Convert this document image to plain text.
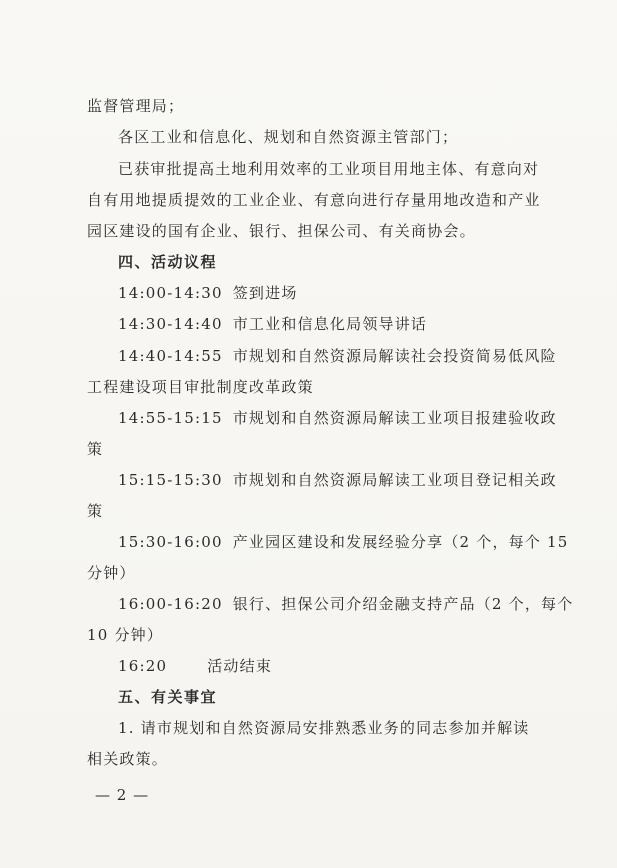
监督管理局；
各区工业和信息化、规划和自然资源主管部门；
已获审批提高土地利用效率的工业项目用地主体、有意向对
自有用地提质提效的工业企业、有意向进行存量用地改造和产业
园区建设的国有企业、银行、担保公司、有关商协会。
四、活动议程
14:00-14:30 签到进场
14:30-14:40 市工业和信息化局领导讲话
14:40-14:55 市规划和自然资源局解读社会投资简易低风险
工程建设项目审批制度改革政策
14:55-15:15 市规划和自然资源局解读工业项目报建验收政
策
15:15-15:30 市规划和自然资源局解读工业项目登记相关政
策
15:30-16:00 产业园区建设和发展经验分享（2 个，每个 15
分钟）
16:00-16:20 银行、担保公司介绍金融支持产品（2 个，每个
10 分钟）
16:20	活动结束
五、有关事宜
1. 请市规划和自然资源局安排熟悉业务的同志参加并解读
相关政策。
— 2 —
